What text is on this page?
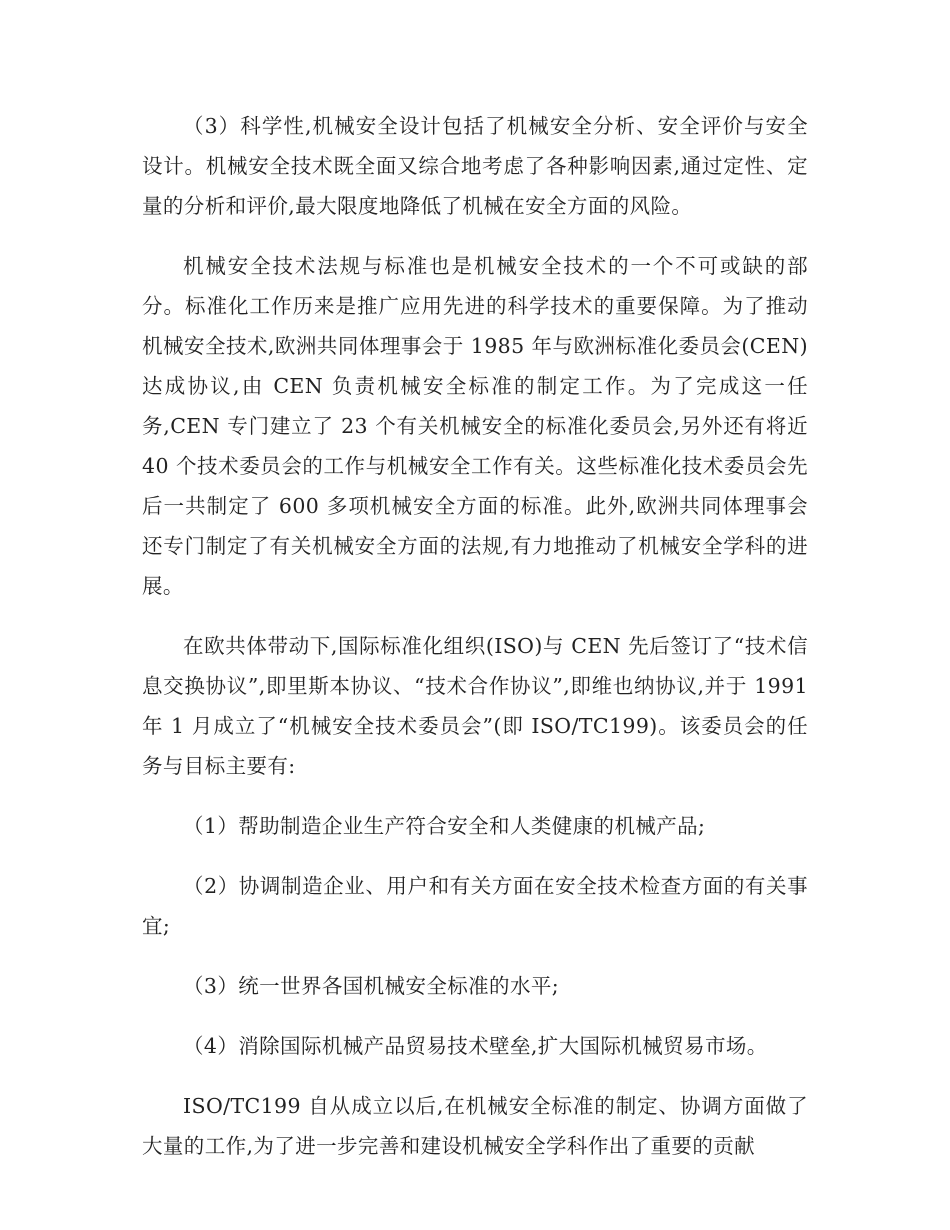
（3）科学性,机械安全设计包括了机械安全分析、安全评价与安全设计。机械安全技术既全面又综合地考虑了各种影响因素,通过定性、定量的分析和评价,最大限度地降低了机械在安全方面的风险。

机械安全技术法规与标准也是机械安全技术的一个不可或缺的部分。标准化工作历来是推广应用先进的科学技术的重要保障。为了推动机械安全技术,欧洲共同体理事会于 1985 年与欧洲标准化委员会(CEN)达成协议,由 CEN 负责机械安全标准的制定工作。为了完成这一任务,CEN 专门建立了 23 个有关机械安全的标准化委员会,另外还有将近 40 个技术委员会的工作与机械安全工作有关。这些标准化技术委员会先后一共制定了 600 多项机械安全方面的标准。此外,欧洲共同体理事会还专门制定了有关机械安全方面的法规,有力地推动了机械安全学科的进展。

在欧共体带动下,国际标准化组织(ISO)与 CEN 先后签订了“技术信息交换协议”,即里斯本协议、“技术合作协议”,即维也纳协议,并于 1991 年 1 月成立了“机械安全技术委员会”(即 ISO/TC199)。该委员会的任务与目标主要有:

（1）帮助制造企业生产符合安全和人类健康的机械产品;

（2）协调制造企业、用户和有关方面在安全技术检查方面的有关事宜;

（3）统一世界各国机械安全标准的水平;

（4）消除国际机械产品贸易技术壁垒,扩大国际机械贸易市场。

ISO/TC199 自从成立以后,在机械安全标准的制定、协调方面做了大量的工作,为了进一步完善和建设机械安全学科作出了重要的贡献
